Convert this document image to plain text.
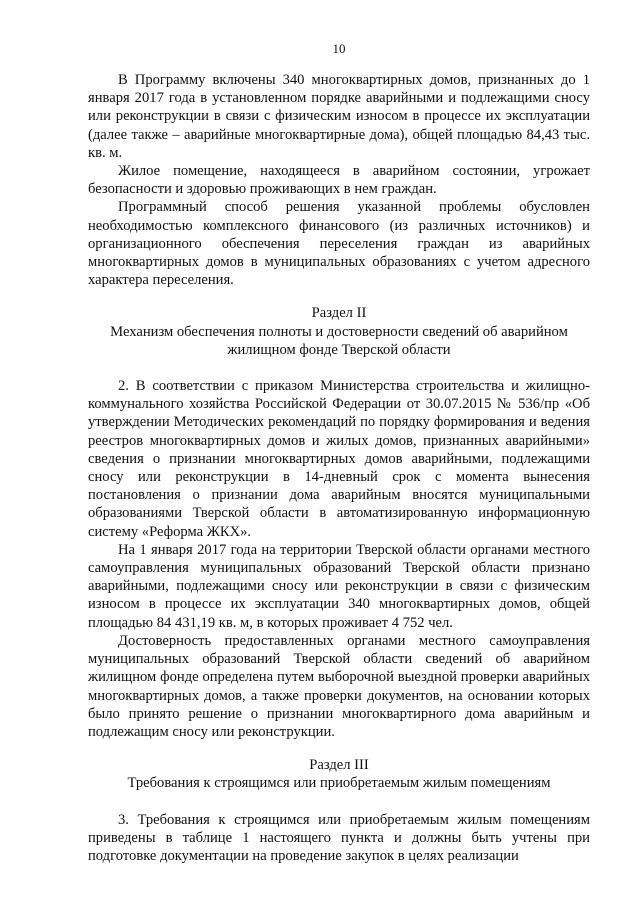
10

В Программу включены 340 многоквартирных домов, признанных до 1 января 2017 года в установленном порядке аварийными и подлежащими сносу или реконструкции в связи с физическим износом в процессе их эксплуатации (далее также – аварийные многоквартирные дома), общей площадью 84,43 тыс. кв. м.

Жилое помещение, находящееся в аварийном состоянии, угрожает безопасности и здоровью проживающих в нем граждан.

Программный способ решения указанной проблемы обусловлен необходимостью комплексного финансового (из различных источников) и организационного обеспечения переселения граждан из аварийных многоквартирных домов в муниципальных образованиях с учетом адресного характера переселения.

Раздел II

Механизм обеспечения полноты и достоверности сведений об аварийном жилищном фонде Тверской области

2. В соответствии с приказом Министерства строительства и жилищно-коммунального хозяйства Российской Федерации от 30.07.2015 № 536/пр «Об утверждении Методических рекомендаций по порядку формирования и ведения реестров многоквартирных домов и жилых домов, признанных аварийными» сведения о признании многоквартирных домов аварийными, подлежащими сносу или реконструкции в 14-дневный срок с момента вынесения постановления о признании дома аварийным вносятся муниципальными образованиями Тверской области в автоматизированную информационную систему «Реформа ЖКХ».

На 1 января 2017 года на территории Тверской области органами местного самоуправления муниципальных образований Тверской области признано аварийными, подлежащими сносу или реконструкции в связи с физическим износом в процессе их эксплуатации 340 многоквартирных домов, общей площадью 84 431,19 кв. м, в которых проживает 4 752 чел.

Достоверность предоставленных органами местного самоуправления муниципальных образований Тверской области сведений об аварийном жилищном фонде определена путем выборочной выездной проверки аварийных многоквартирных домов, а также проверки документов, на основании которых было принято решение о признании многоквартирного дома аварийным и подлежащим сносу или реконструкции.

Раздел III

Требования к строящимся или приобретаемым жилым помещениям

3. Требования к строящимся или приобретаемым жилым помещениям приведены в таблице 1 настоящего пункта и должны быть учтены при подготовке документации на проведение закупок в целях реализации
